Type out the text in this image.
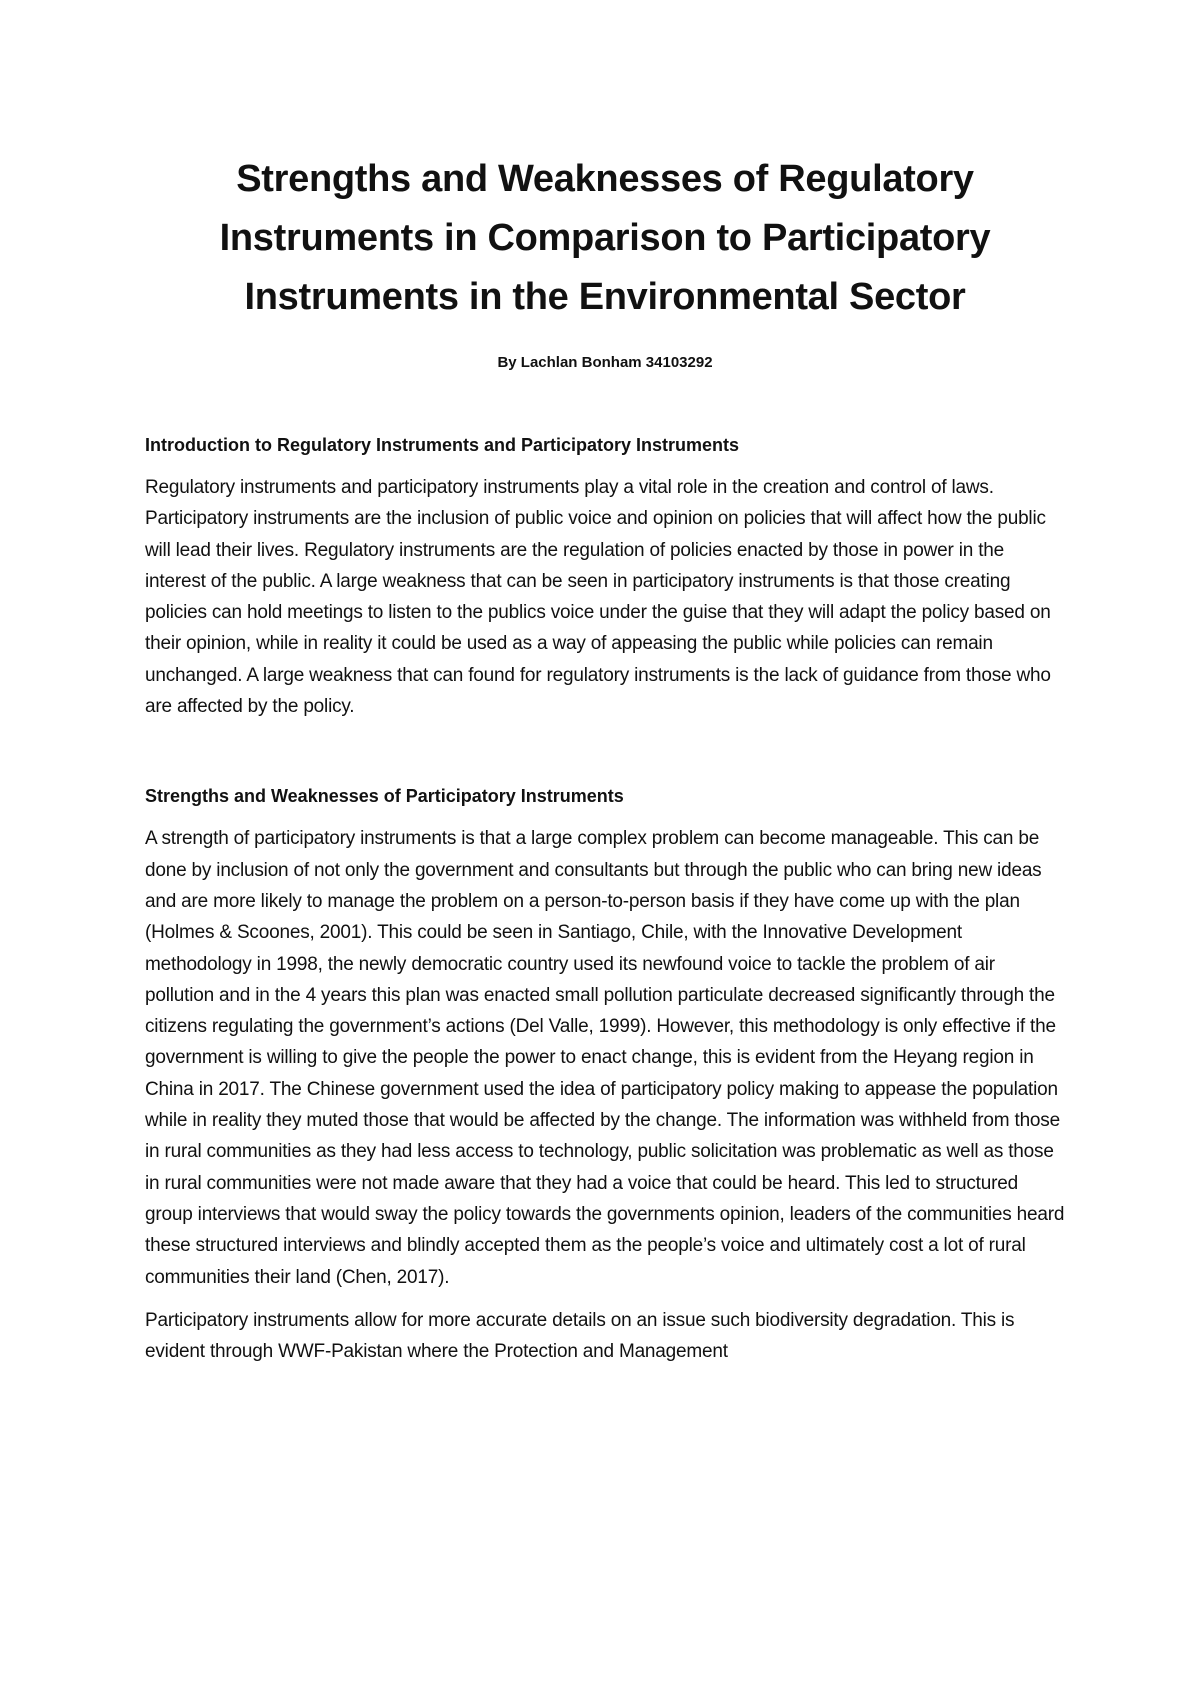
Strengths and Weaknesses of Regulatory Instruments in Comparison to Participatory Instruments in the Environmental Sector

By Lachlan Bonham 34103292

Introduction to Regulatory Instruments and Participatory Instruments

Regulatory instruments and participatory instruments play a vital role in the creation and control of laws. Participatory instruments are the inclusion of public voice and opinion on policies that will affect how the public will lead their lives. Regulatory instruments are the regulation of policies enacted by those in power in the interest of the public. A large weakness that can be seen in participatory instruments is that those creating policies can hold meetings to listen to the publics voice under the guise that they will adapt the policy based on their opinion, while in reality it could be used as a way of appeasing the public while policies can remain unchanged. A large weakness that can found for regulatory instruments is the lack of guidance from those who are affected by the policy.

Strengths and Weaknesses of Participatory Instruments

A strength of participatory instruments is that a large complex problem can become manageable. This can be done by inclusion of not only the government and consultants but through the public who can bring new ideas and are more likely to manage the problem on a person-to-person basis if they have come up with the plan (Holmes & Scoones, 2001). This could be seen in Santiago, Chile, with the Innovative Development methodology in 1998, the newly democratic country used its newfound voice to tackle the problem of air pollution and in the 4 years this plan was enacted small pollution particulate decreased significantly through the citizens regulating the government’s actions (Del Valle, 1999). However, this methodology is only effective if the government is willing to give the people the power to enact change, this is evident from the Heyang region in China in 2017. The Chinese government used the idea of participatory policy making to appease the population while in reality they muted those that would be affected by the change. The information was withheld from those in rural communities as they had less access to technology, public solicitation was problematic as well as those in rural communities were not made aware that they had a voice that could be heard. This led to structured group interviews that would sway the policy towards the governments opinion, leaders of the communities heard these structured interviews and blindly accepted them as the people’s voice and ultimately cost a lot of rural communities their land (Chen, 2017).

Participatory instruments allow for more accurate details on an issue such biodiversity degradation. This is evident through WWF-Pakistan where the Protection and Management
